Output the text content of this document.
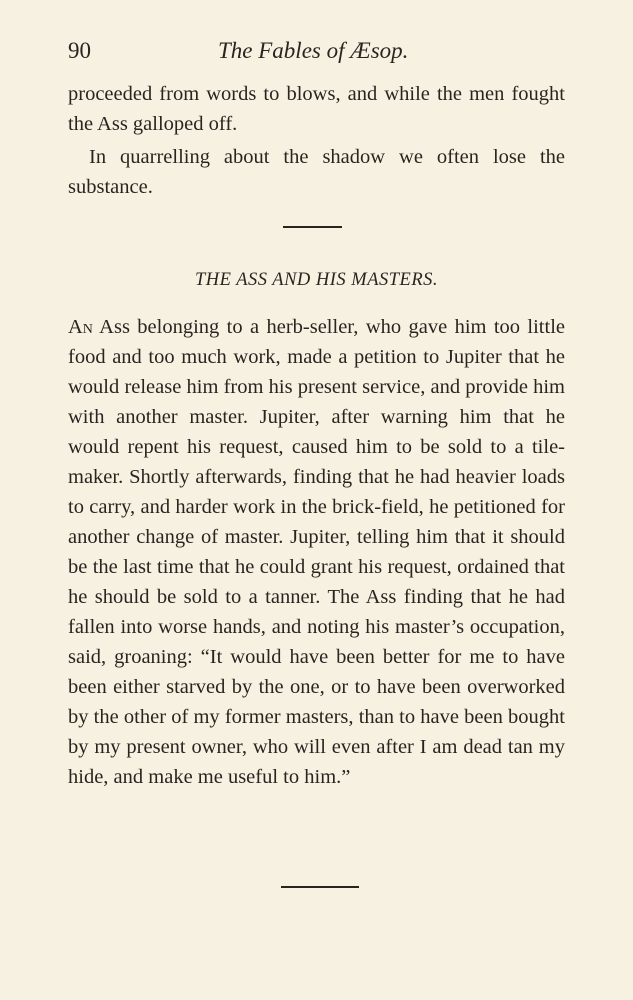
90	The Fables of Æsop.
proceeded from words to blows, and while the men fought the Ass galloped off.
In quarrelling about the shadow we often lose the substance.
THE ASS AND HIS MASTERS.
An Ass belonging to a herb-seller, who gave him too little food and too much work, made a petition to Jupiter that he would release him from his present service, and provide him with another master. Jupiter, after warning him that he would repent his request, caused him to be sold to a tile-maker. Shortly afterwards, finding that he had heavier loads to carry, and harder work in the brick-field, he petitioned for another change of master. Jupiter, telling him that it should be the last time that he could grant his request, ordained that he should be sold to a tanner. The Ass finding that he had fallen into worse hands, and noting his master’s occupation, said, groaning: “It would have been better for me to have been either starved by the one, or to have been overworked by the other of my former masters, than to have been bought by my present owner, who will even after I am dead tan my hide, and make me useful to him.”
